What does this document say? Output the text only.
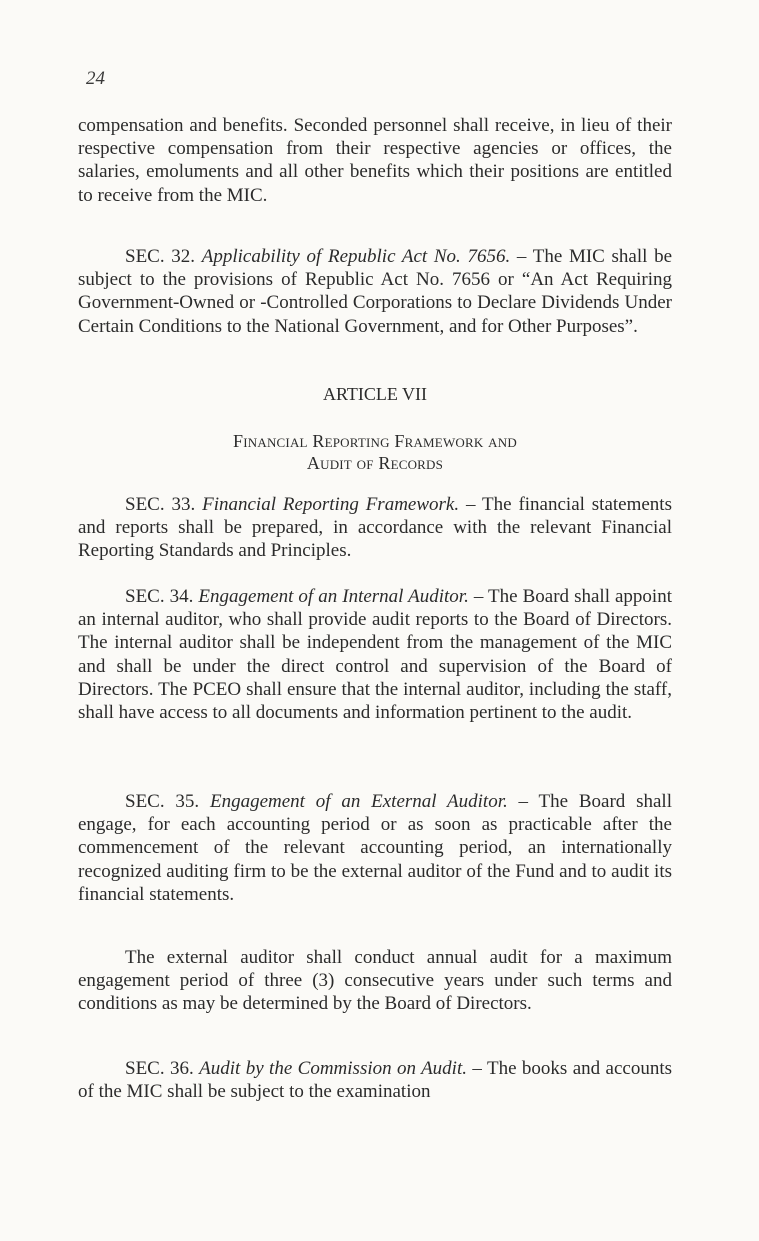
24

compensation and benefits. Seconded personnel shall receive, in lieu of their respective compensation from their respective agencies or offices, the salaries, emoluments and all other benefits which their positions are entitled to receive from the MIC.

SEC. 32. Applicability of Republic Act No. 7656. – The MIC shall be subject to the provisions of Republic Act No. 7656 or “An Act Requiring Government-Owned or -Controlled Corporations to Declare Dividends Under Certain Conditions to the National Government, and for Other Purposes”.

ARTICLE VII
Financial Reporting Framework and
Audit of Records

SEC. 33. Financial Reporting Framework. – The financial statements and reports shall be prepared, in accordance with the relevant Financial Reporting Standards and Principles.

SEC. 34. Engagement of an Internal Auditor. – The Board shall appoint an internal auditor, who shall provide audit reports to the Board of Directors. The internal auditor shall be independent from the management of the MIC and shall be under the direct control and supervision of the Board of Directors. The PCEO shall ensure that the internal auditor, including the staff, shall have access to all documents and information pertinent to the audit.

SEC. 35. Engagement of an External Auditor. – The Board shall engage, for each accounting period or as soon as practicable after the commencement of the relevant accounting period, an internationally recognized auditing firm to be the external auditor of the Fund and to audit its financial statements.

The external auditor shall conduct annual audit for a maximum engagement period of three (3) consecutive years under such terms and conditions as may be determined by the Board of Directors.

SEC. 36. Audit by the Commission on Audit. – The books and accounts of the MIC shall be subject to the examination
